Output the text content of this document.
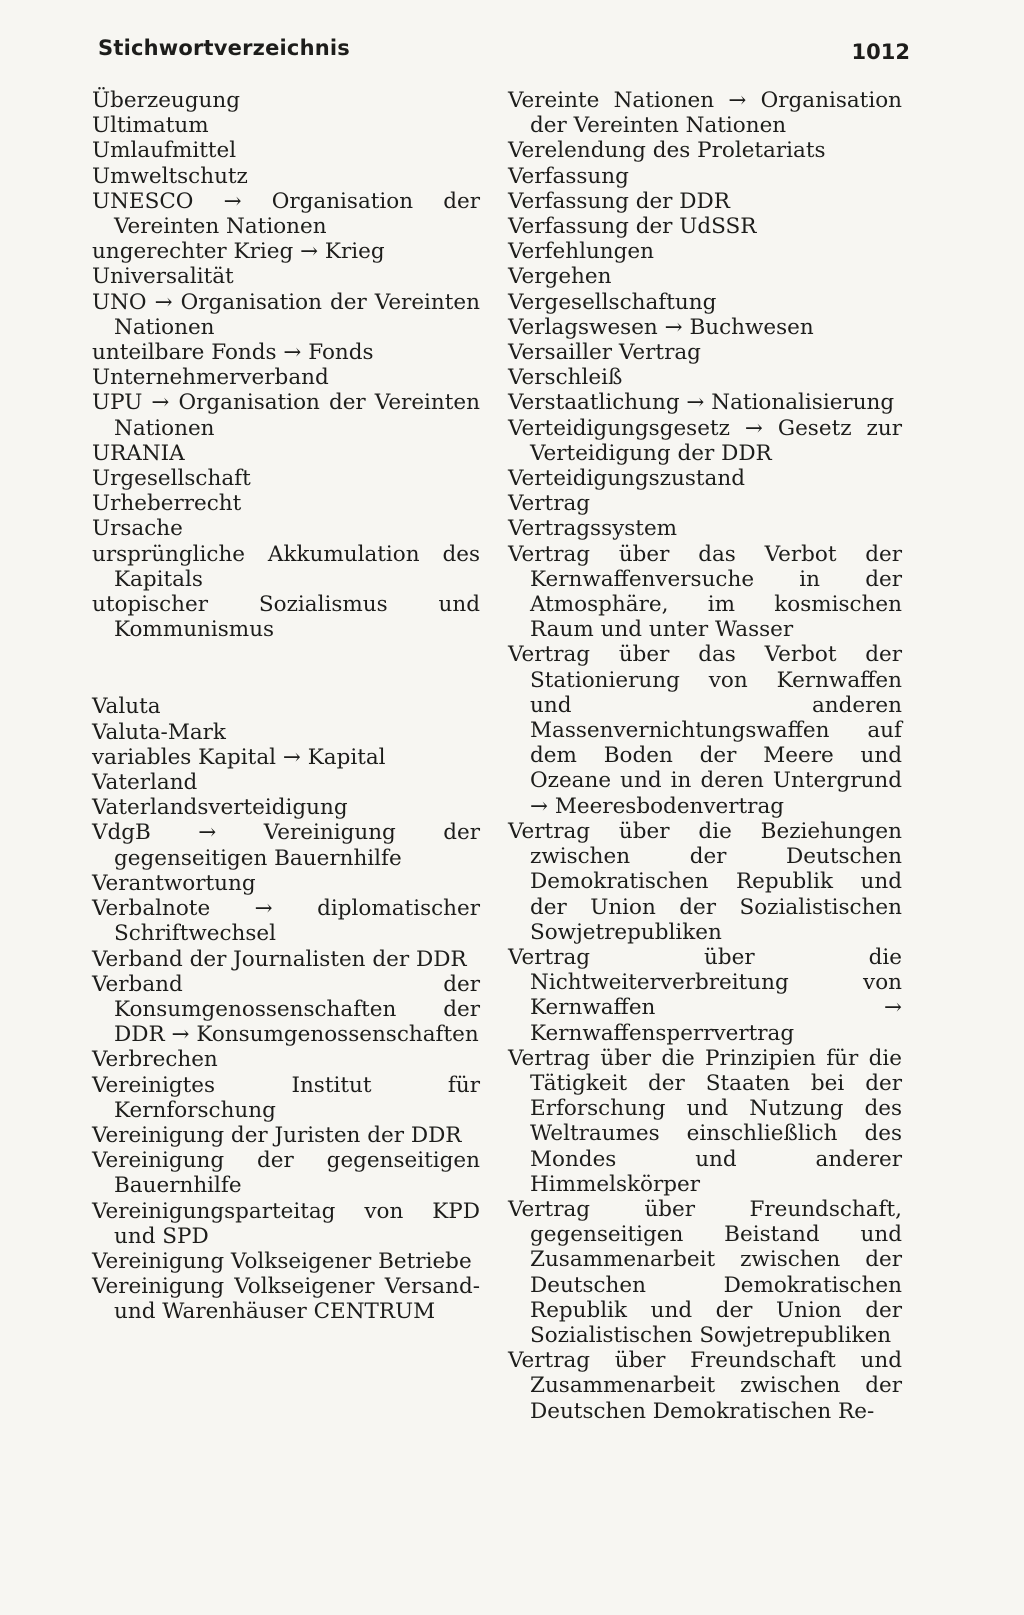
Stichwortverzeichnis	1012

Überzeugung

Ultimatum

Umlaufmittel

Umweltschutz

UNESCO → Organisation der Vereinten Nationen

ungerechter Krieg → Krieg

Universalität

UNO → Organisation der Vereinten Nationen

unteilbare Fonds → Fonds

Unternehmerverband

UPU → Organisation der Vereinten Nationen

URANIA

Urgesellschaft

Urheberrecht

Ursache

ursprüngliche Akkumulation des Kapitals

utopischer Sozialismus und Kommunismus

Valuta

Valuta-Mark

variables Kapital → Kapital

Vaterland

Vaterlandsverteidigung

VdgB → Vereinigung der gegenseitigen Bauernhilfe

Verantwortung

Verbalnote → diplomatischer Schriftwechsel

Verband der Journalisten der DDR

Verband der Konsumgenossenschaften der DDR → Konsumgenossenschaften

Verbrechen

Vereinigtes Institut für Kernforschung

Vereinigung der Juristen der DDR

Vereinigung der gegenseitigen Bauernhilfe

Vereinigungsparteitag von KPD und SPD

Vereinigung Volkseigener Betriebe

Vereinigung Volkseigener Versand- und Warenhäuser CENTRUM

Vereinte Nationen → Organisation der Vereinten Nationen

Verelendung des Proletariats

Verfassung

Verfassung der DDR

Verfassung der UdSSR

Verfehlungen

Vergehen

Vergesellschaftung

Verlagswesen → Buchwesen

Versailler Vertrag

Verschleiß

Verstaatlichung → Nationalisierung

Verteidigungsgesetz → Gesetz zur Verteidigung der DDR

Verteidigungszustand

Vertrag

Vertragssystem

Vertrag über das Verbot der Kernwaffenversuche in der Atmosphäre, im kosmischen Raum und unter Wasser

Vertrag über das Verbot der Stationierung von Kernwaffen und anderen Massenvernichtungswaffen auf dem Boden der Meere und Ozeane und in deren Untergrund → Meeresbodenvertrag

Vertrag über die Beziehungen zwischen der Deutschen Demokratischen Republik und der Union der Sozialistischen Sowjetrepubliken

Vertrag über die Nichtweiterverbreitung von Kernwaffen → Kernwaffensperrvertrag

Vertrag über die Prinzipien für die Tätigkeit der Staaten bei der Erforschung und Nutzung des Weltraumes einschließlich des Mondes und anderer Himmelskörper

Vertrag über Freundschaft, gegenseitigen Beistand und Zusammenarbeit zwischen der Deutschen Demokratischen Republik und der Union der Sozialistischen Sowjetrepubliken

Vertrag über Freundschaft und Zusammenarbeit zwischen der Deutschen Demokratischen Re-
